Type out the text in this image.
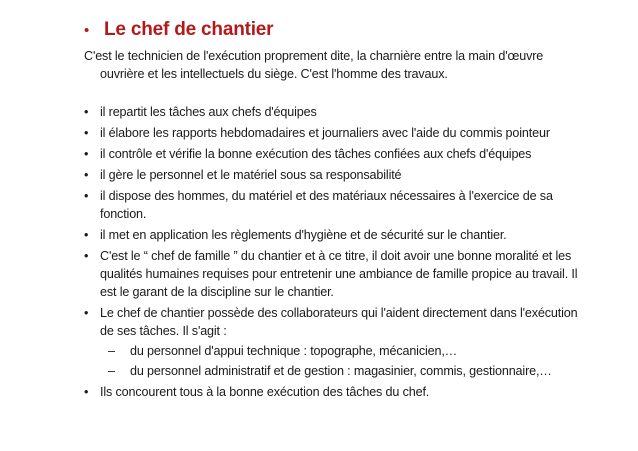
• Le chef de chantier
C'est le technicien de l'exécution proprement dite, la charnière entre la main d'œuvre
ouvrière et les intellectuels du siège. C'est l'homme des travaux.
• il repartit les tâches aux chefs d'équipes
• il élabore les rapports hebdomadaires et journaliers avec l'aide du commis pointeur
• il contrôle et vérifie la bonne exécution des tâches confiées aux chefs d'équipes
• il gère le personnel et le matériel sous sa responsabilité
• il dispose des hommes, du matériel et des matériaux nécessaires à l'exercice de sa fonction.
• il met en application les règlements d'hygiène et de sécurité sur le chantier.
• C'est le “ chef de famille ” du chantier et à ce titre, il doit avoir une bonne moralité et les qualités humaines requises pour entretenir une ambiance de famille propice au travail. Il est le garant de la discipline sur le chantier.
• Le chef de chantier possède des collaborateurs qui l'aident directement dans l'exécution de ses tâches. Il s'agit :
– du personnel d'appui technique : topographe, mécanicien,…
– du personnel administratif et de gestion : magasinier, commis, gestionnaire,…
• Ils concourent tous à la bonne exécution des tâches du chef.
